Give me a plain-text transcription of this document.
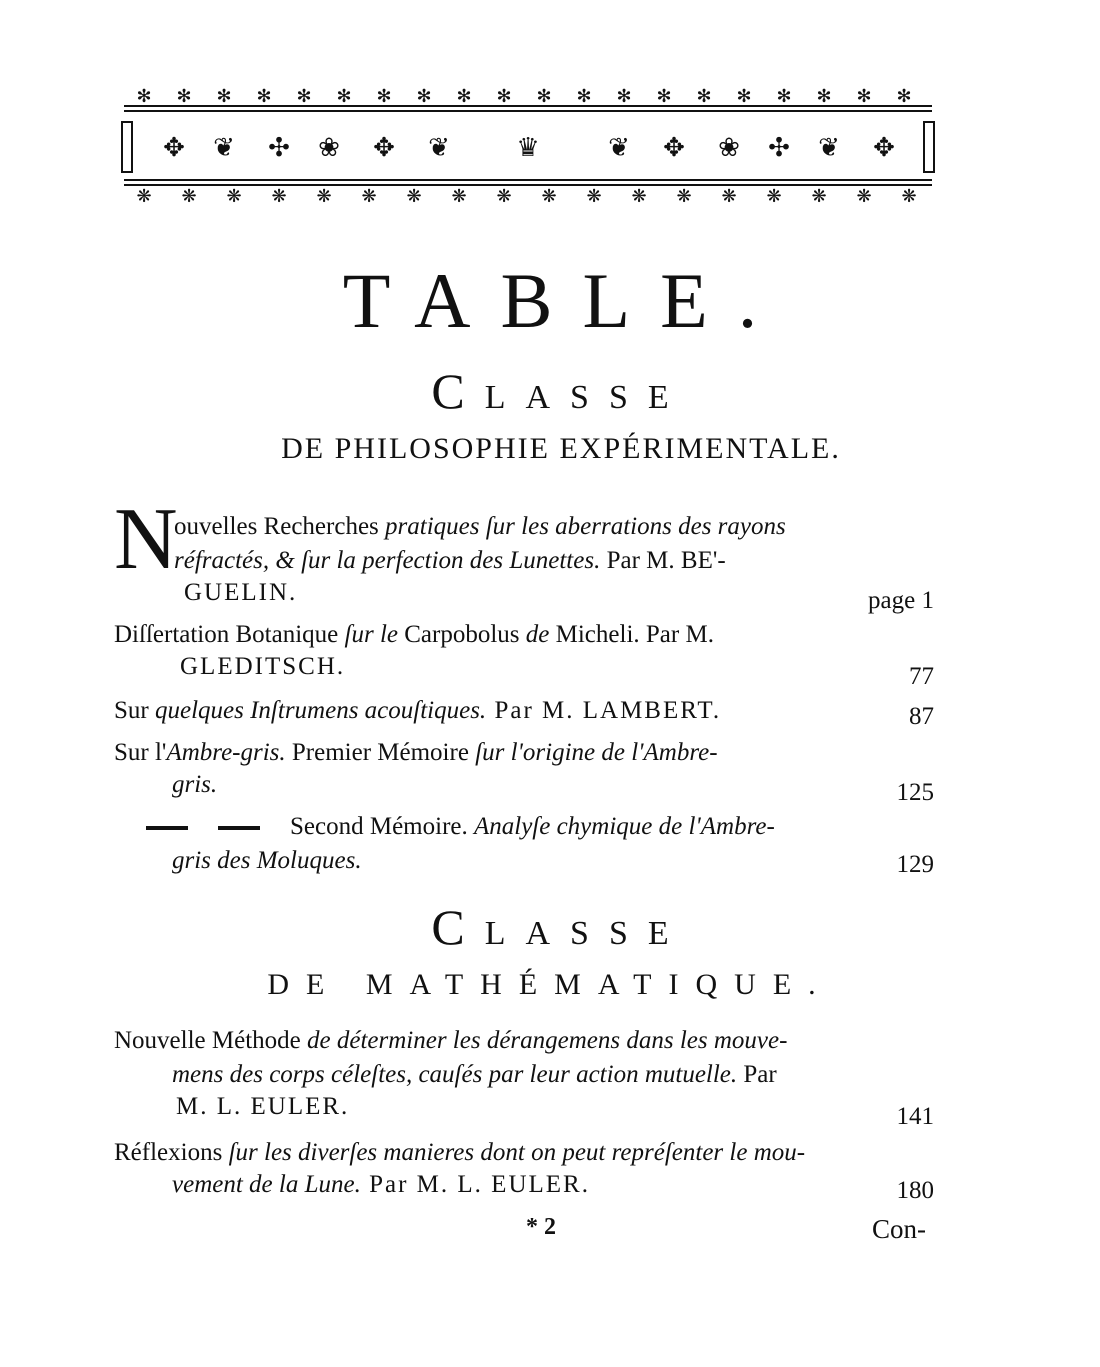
✻ ✻ ✻ ✻ ✻ ✻ ✻ ✻ ✻ ✻ ✻ ✻ ✻ ✻ ✻ ✻ ✻ ✻ ✻ ✻
❋ ❋ ❋ ❋ ❋ ❋ ❋ ❋ ❋ ❋ ❋ ❋ ❋ ❋ ❋ ❋ ❋ ❋
✥ ❦ ✣ ❀ ✥ ❦	♛	❦ ✥ ❀ ✣ ❦ ✥
TABLE.
CLASSE
DE PHILOSOPHIE EXPÉRIMENTALE.
N
ouvelles Recherches pratiques ſur les aberrations des rayons
réfractés, & ſur la perfection des Lunettes. Par M. BE'-
GUELIN.	page 1
Diſſertation Botanique ſur le Carpobolus de Micheli. Par M.
GLEDITSCH.	77
Sur quelques Inſtrumens acouſtiques. Par M. LAMBERT.	87
Sur l'Ambre-gris. Premier Mémoire ſur l'origine de l'Ambre-
gris.	125
Second Mémoire. Analyſe chymique de l'Ambre-
gris des Moluques.	129
CLASSE
DE MATHÉMATIQUE.
Nouvelle Méthode de déterminer les dérangemens dans les mouve-
mens des corps céleſtes, cauſés par leur action mutuelle. Par
M. L. EULER.	141
Réflexions ſur les diverſes manieres dont on peut repréſenter le mou-
vement de la Lune. Par M. L. EULER.	180
* 2	Con-
